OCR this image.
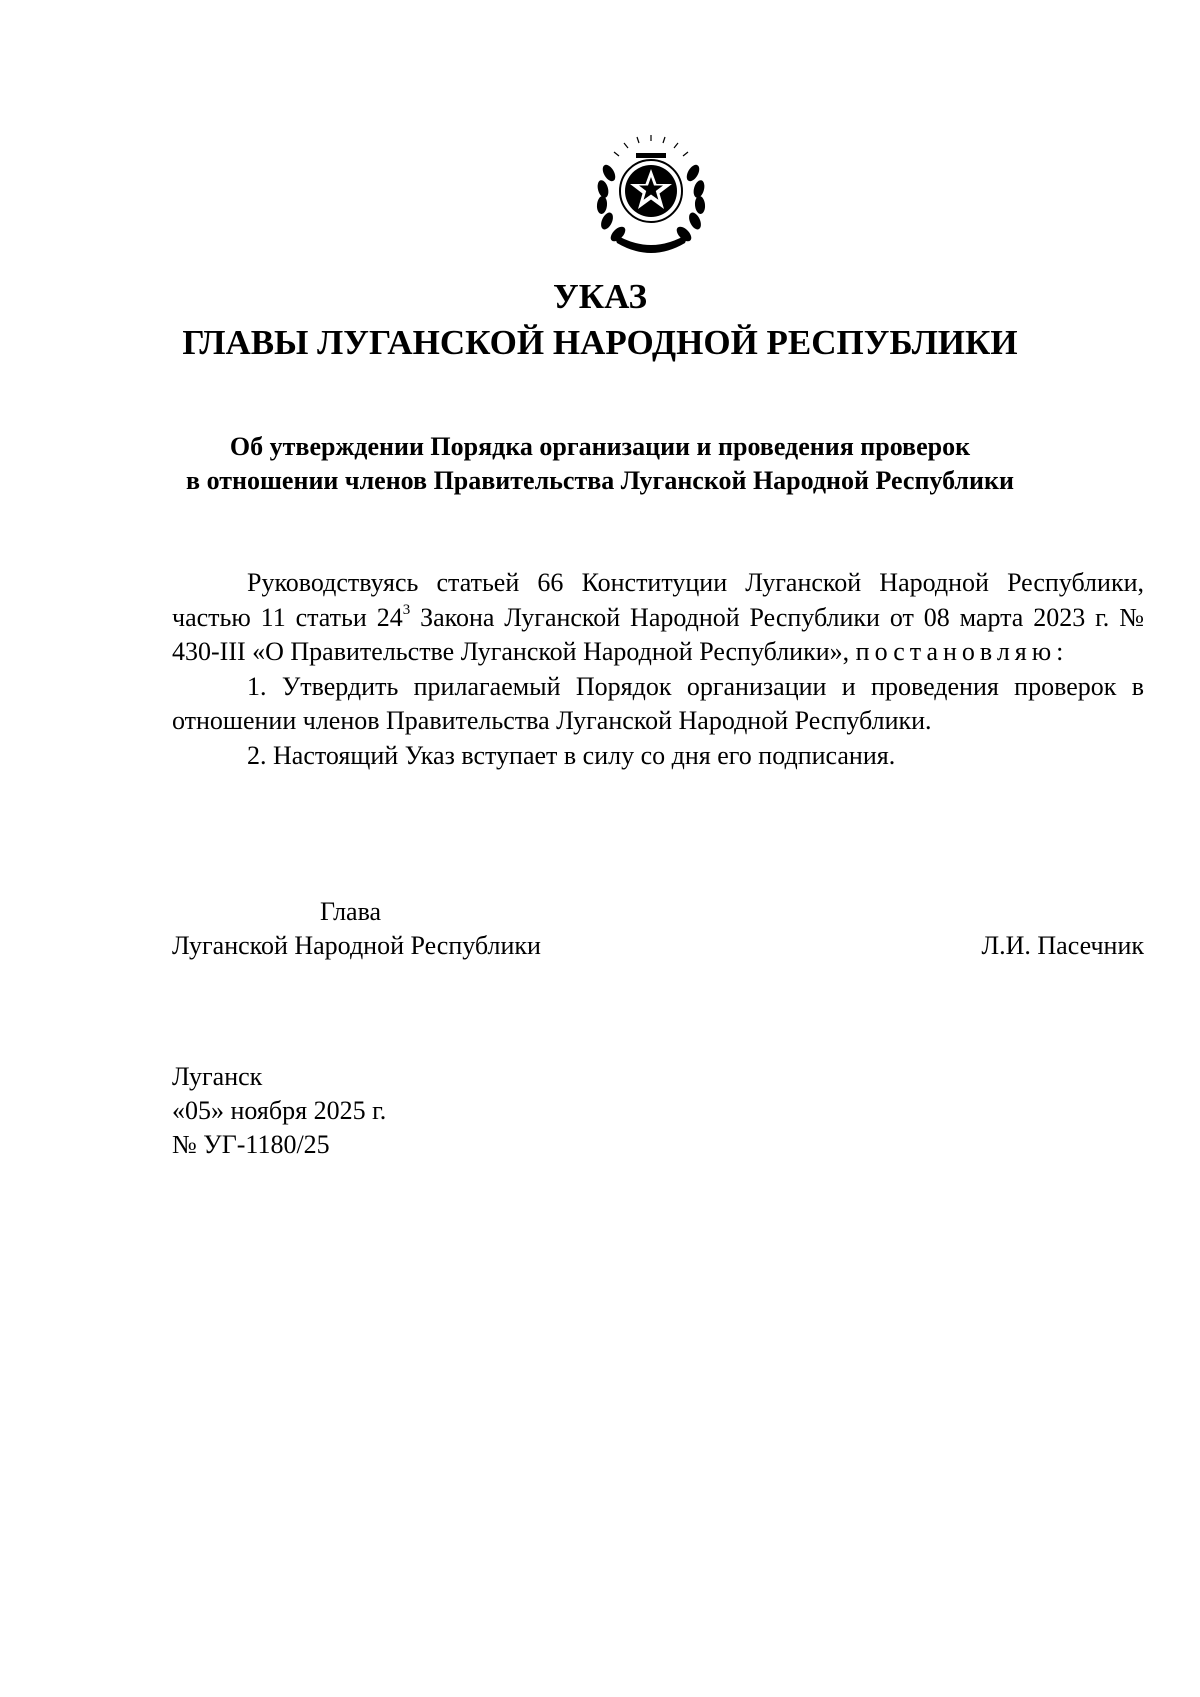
УКАЗ
ГЛАВЫ ЛУГАНСКОЙ НАРОДНОЙ РЕСПУБЛИКИ
Об утверждении Порядка организации и проведения проверок
в отношении членов Правительства Луганской Народной Республики

Руководствуясь статьей 66 Конституции Луганской Народной Республики, частью 11 статьи $24^3$ Закона Луганской Народной Республики от 08 марта 2023 г. № 430-III «О Правительстве Луганской Народной Республики», постановляю:

1. Утвердить прилагаемый Порядок организации и проведения проверок в отношении членов Правительства Луганской Народной Республики.

2. Настоящий Указ вступает в силу со дня его подписания.

Глава
Луганской Народной Республики	Л.И. Пасечник
Луганск
«05» ноября 2025 г.
№ УГ-1180/25
